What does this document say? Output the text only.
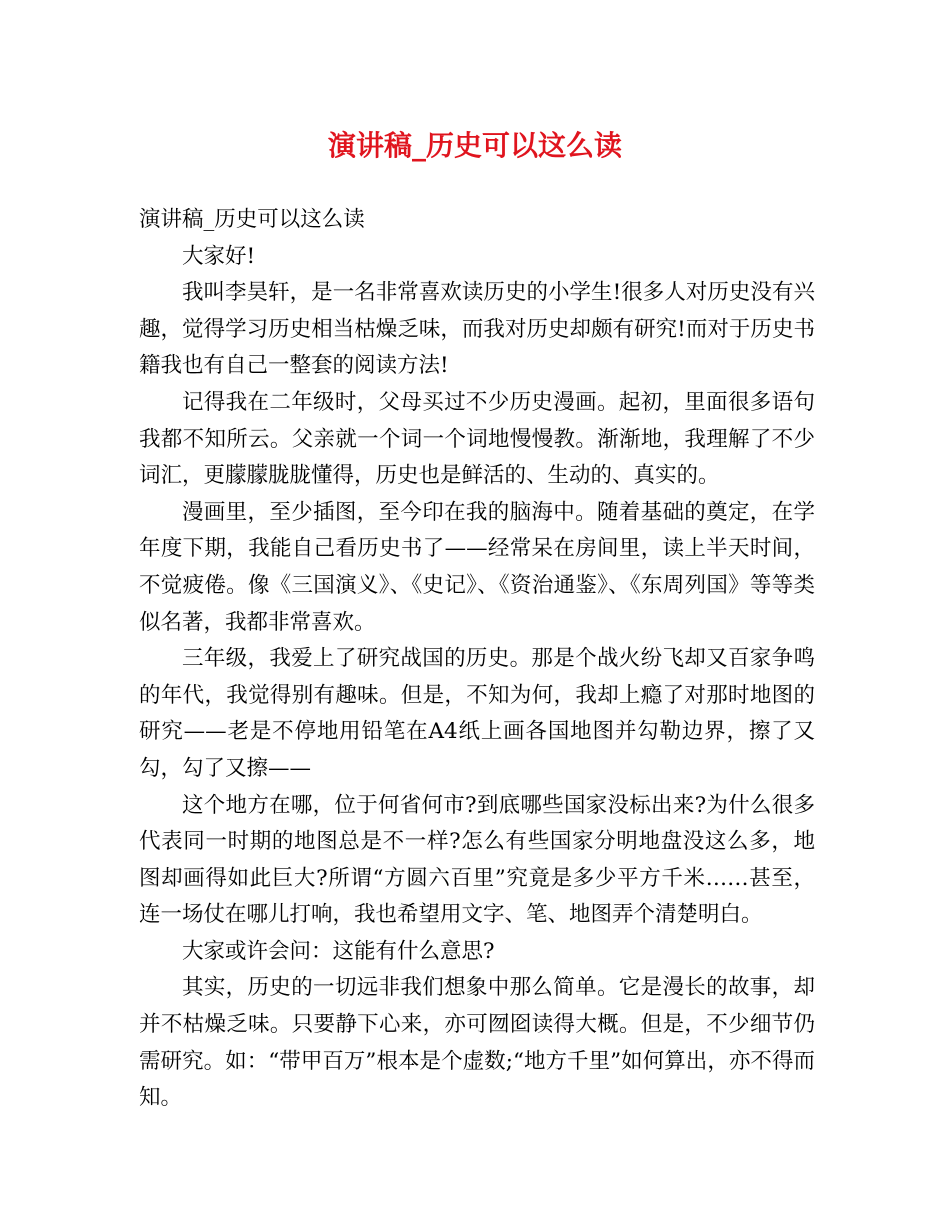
演讲稿_历史可以这么读

演讲稿_历史可以这么读

大家好!

我叫李昊轩，是一名非常喜欢读历史的小学生!很多人对历史没有兴趣，觉得学习历史相当枯燥乏味，而我对历史却颇有研究!而对于历史书籍我也有自己一整套的阅读方法!

记得我在二年级时，父母买过不少历史漫画。起初，里面很多语句我都不知所云。父亲就一个词一个词地慢慢教。渐渐地，我理解了不少词汇，更朦朦胧胧懂得，历史也是鲜活的、生动的、真实的。

漫画里，至少插图，至今印在我的脑海中。随着基础的奠定，在学年度下期，我能自己看历史书了——经常呆在房间里，读上半天时间，不觉疲倦。像《三国演义》、《史记》、《资治通鉴》、《东周列国》等等类似名著，我都非常喜欢。

三年级，我爱上了研究战国的历史。那是个战火纷飞却又百家争鸣的年代，我觉得别有趣味。但是，不知为何，我却上瘾了对那时地图的研究——老是不停地用铅笔在A4纸上画各国地图并勾勒边界，擦了又勾，勾了又擦——

这个地方在哪，位于何省何市?到底哪些国家没标出来?为什么很多代表同一时期的地图总是不一样?怎么有些国家分明地盘没这么多，地图却画得如此巨大?所谓“方圆六百里”究竟是多少平方千米……甚至，连一场仗在哪儿打响，我也希望用文字、笔、地图弄个清楚明白。

大家或许会问：这能有什么意思?

其实，历史的一切远非我们想象中那么简单。它是漫长的故事，却并不枯燥乏味。只要静下心来，亦可囫囵读得大概。但是，不少细节仍需研究。如：“带甲百万”根本是个虚数;“地方千里”如何算出，亦不得而知。
